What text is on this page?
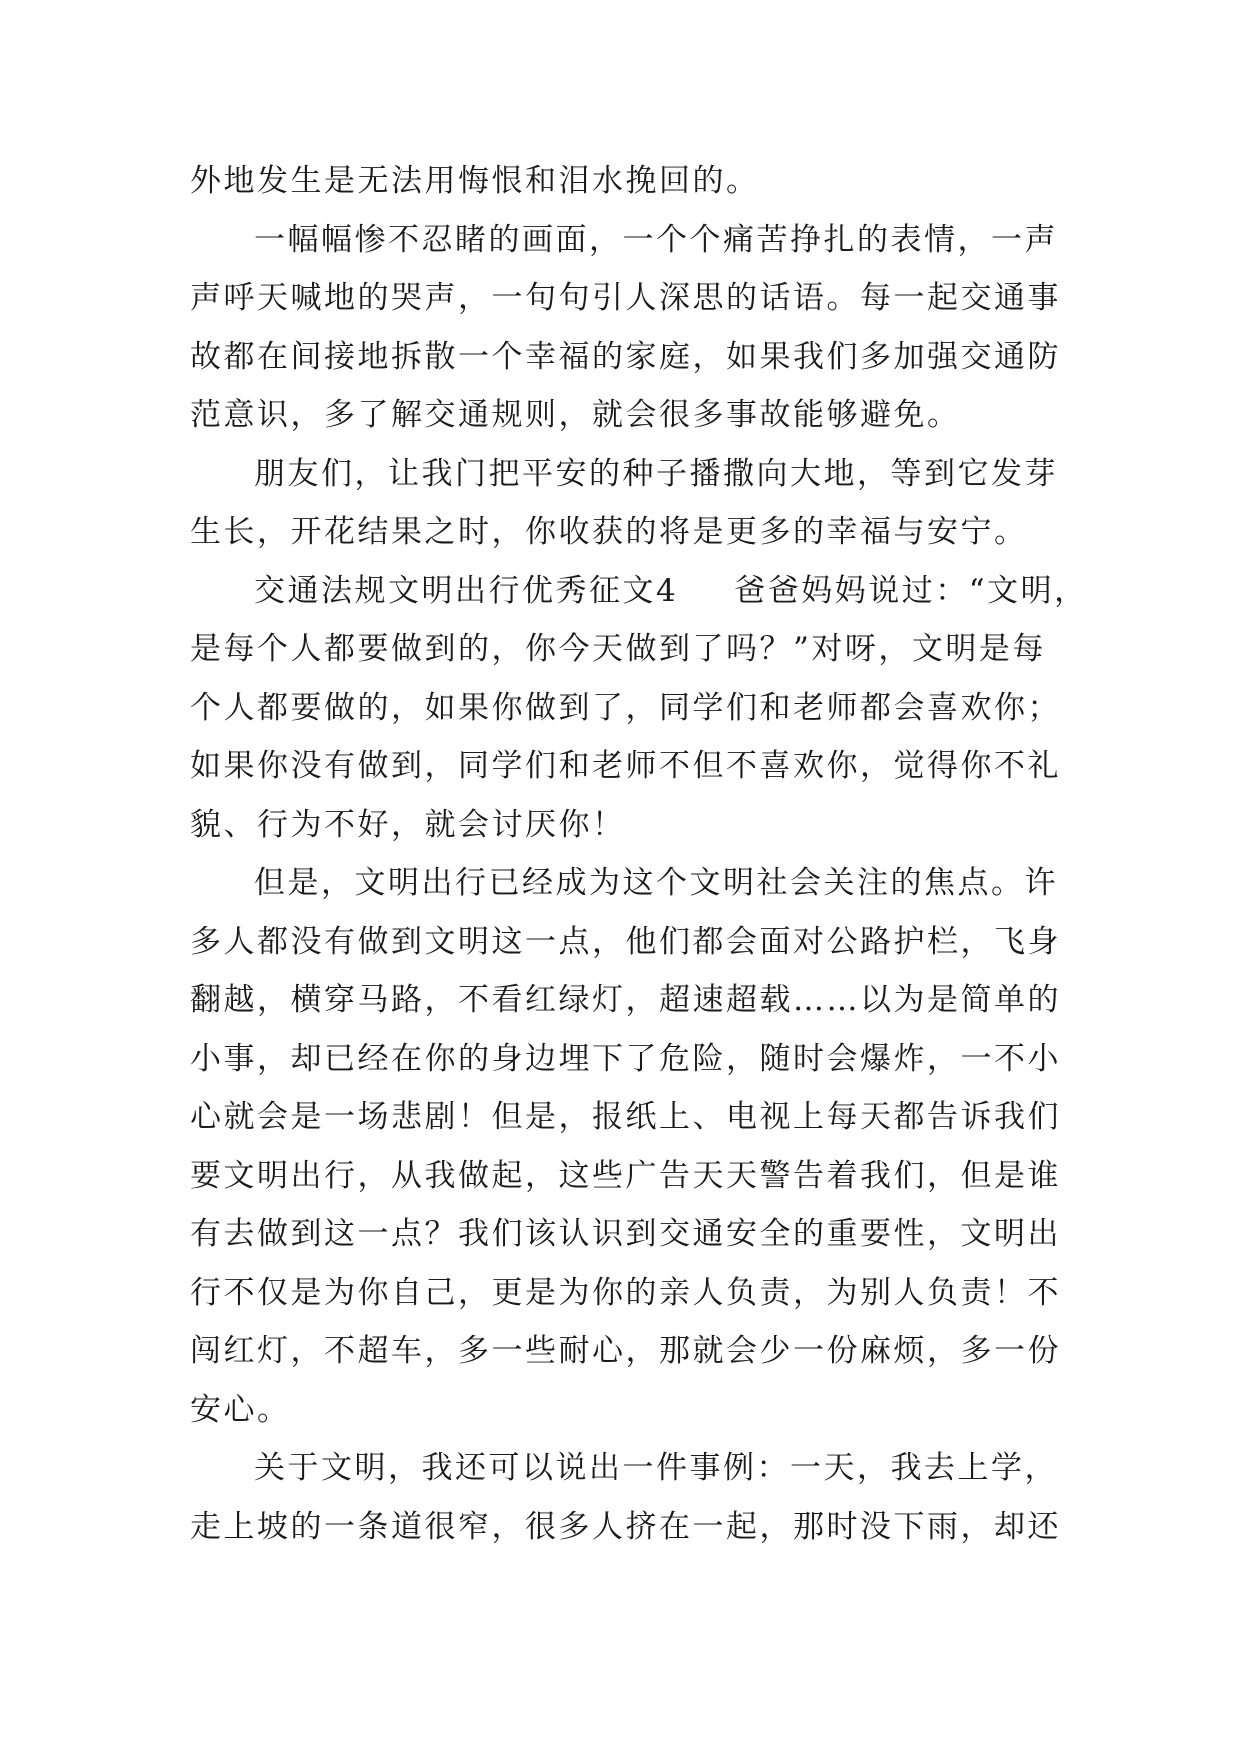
外地发生是无法用悔恨和泪水挽回的。
一幅幅惨不忍睹的画面，一个个痛苦挣扎的表情，一声
声呼天喊地的哭声，一句句引人深思的话语。每一起交通事
故都在间接地拆散一个幸福的家庭，如果我们多加强交通防
范意识，多了解交通规则，就会很多事故能够避免。
朋友们，让我门把平安的种子播撒向大地，等到它发芽
生长，开花结果之时，你收获的将是更多的幸福与安宁。
交通法规文明出行优秀征文4 爸爸妈妈说过：“文明，
是每个人都要做到的，你今天做到了吗？”对呀，文明是每
个人都要做的，如果你做到了，同学们和老师都会喜欢你；
如果你没有做到，同学们和老师不但不喜欢你，觉得你不礼
貌、行为不好，就会讨厌你！
但是，文明出行已经成为这个文明社会关注的焦点。许
多人都没有做到文明这一点，他们都会面对公路护栏，飞身
翻越，横穿马路，不看红绿灯，超速超载……以为是简单的
小事，却已经在你的身边埋下了危险，随时会爆炸，一不小
心就会是一场悲剧！但是，报纸上、电视上每天都告诉我们
要文明出行，从我做起，这些广告天天警告着我们，但是谁
有去做到这一点？我们该认识到交通安全的重要性，文明出
行不仅是为你自己，更是为你的亲人负责，为别人负责！不
闯红灯，不超车，多一些耐心，那就会少一份麻烦，多一份
安心。
关于文明，我还可以说出一件事例：一天，我去上学，
走上坡的一条道很窄，很多人挤在一起，那时没下雨，却还
